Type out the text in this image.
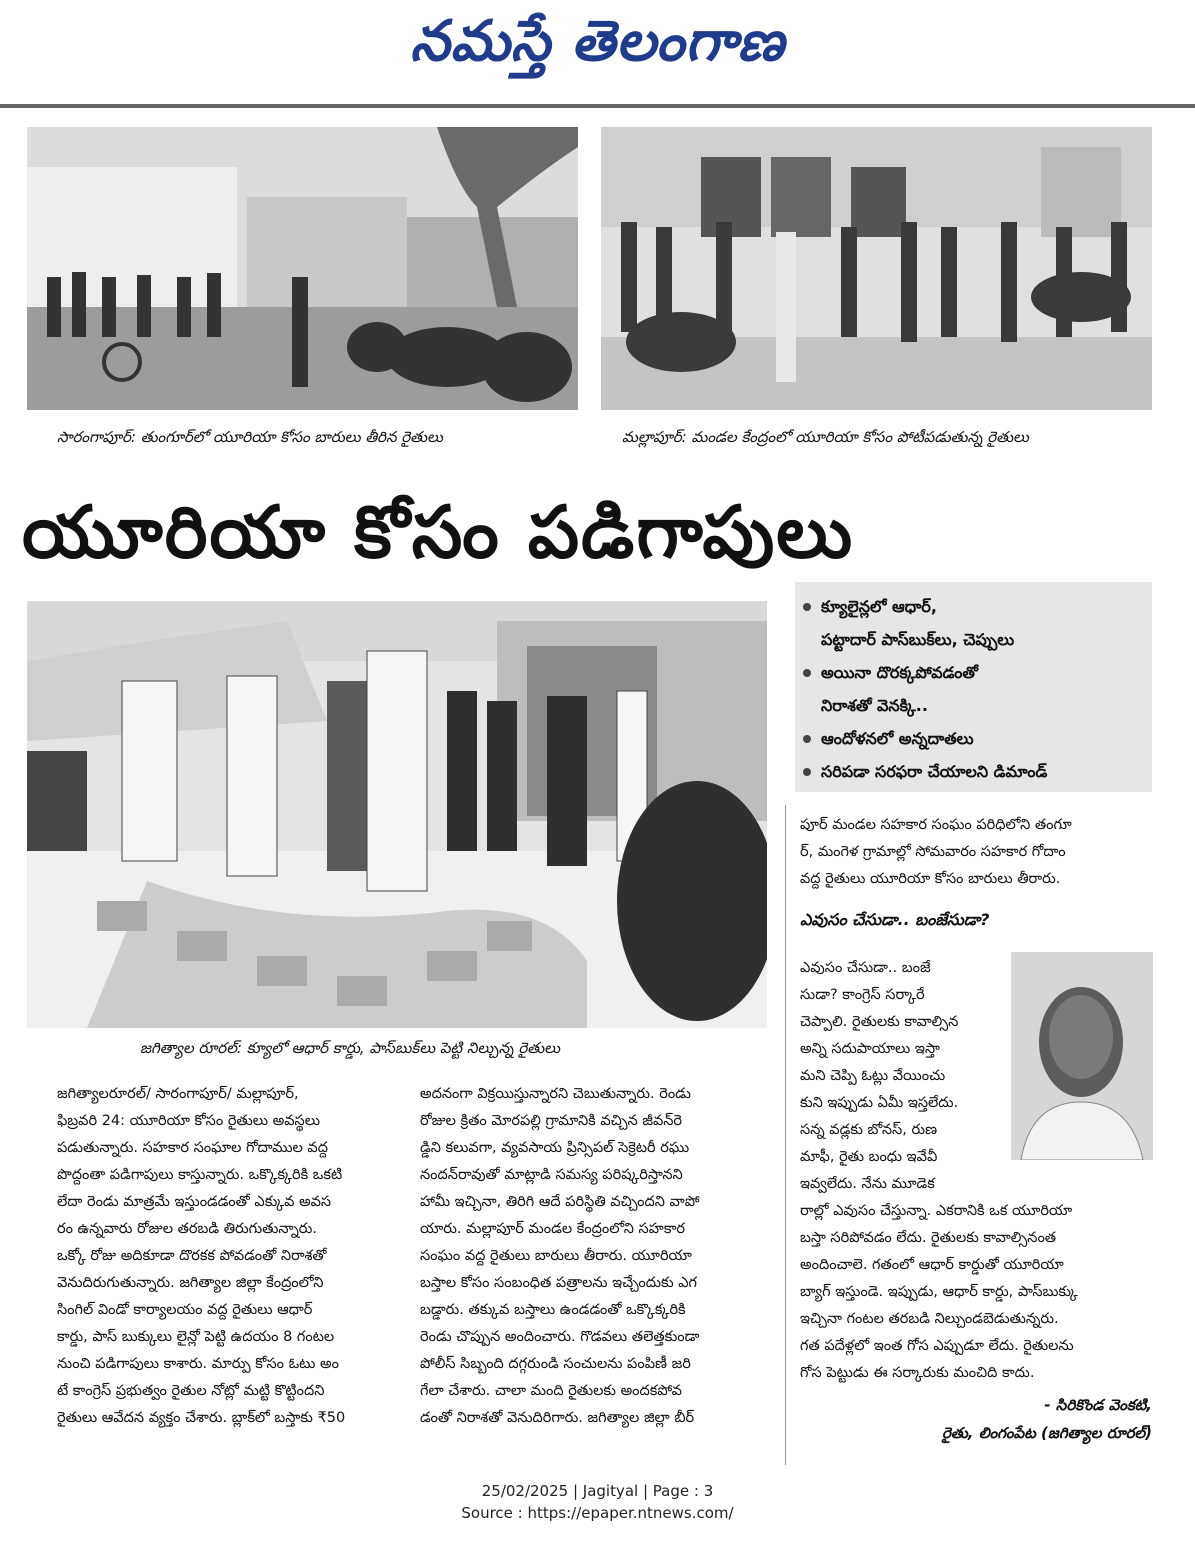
నమస్తే తెలంగాణ
సారంగాపూర్: తుంగూర్‌లో యూరియా కోసం బారులు తీరిన రైతులు	మల్లాపూర్: మండల కేంద్రంలో యూరియా కోసం పోటీపడుతున్న రైతులు
యూరియా కోసం పడిగాపులు
జగిత్యాల రూరల్: క్యూలో ఆధార్ కార్డు, పాస్‌బుక్‌లు పెట్టి నిల్చున్న రైతులు
క్యూలైన్లలో ఆధార్,
పట్టాదార్ పాస్‌బుక్‌లు, చెప్పులు
అయినా దొరక్కపోవడంతో
నిరాశతో వెనక్కి..
ఆందోళనలో అన్నదాతలు
సరిపడా సరఫరా చేయాలని డిమాండ్
పూర్ మండల సహకార సంఘం పరిధిలోని తంగూ
ర్, మంగెళ గ్రామాల్లో సోమవారం సహకార గోదాం
వద్ద రైతులు యూరియా కోసం బారులు తీరారు.
ఎవుసం చేసుడా.. బంజేసుడా?
ఎవుసం చేసుడా.. బంజే
సుడా? కాంగ్రెస్ సర్కారే
చెప్పాలి. రైతులకు కావాల్సిన
అన్ని సదుపాయాలు ఇస్తా
మని చెప్పి ఓట్లు వేయించు
కుని ఇప్పుడు ఏమీ ఇస్తలేదు.
సన్న వడ్లకు బోనస్, రుణ
మాఫీ, రైతు బంధు ఇవేవీ
ఇవ్వలేదు. నేను మూడెక
రాల్లో ఎవుసం చేస్తున్నా. ఎకరానికి ఒక యూరియా
బస్తా సరిపోవడం లేదు. రైతులకు కావాల్సినంత
అందించాలె. గతంలో ఆధార్ కార్డుతో యూరియా
బ్యాగ్ ఇస్తుండె. ఇప్పుడు, ఆధార్ కార్డు, పాస్‌బుక్కు
ఇచ్చినా గంటల తరబడి నిల్చుండబెడుతున్నరు.
గత పదేళ్లలో ఇంత గోస ఎప్పుడూ లేదు. రైతులను
గోస పెట్టుడు ఈ సర్కారుకు మంచిది కాదు.
- సిరికొండ వెంకటి,
రైతు, లింగంపేట (జగిత్యాల రూరల్)
జగిత్యాలరూరల్/ సారంగాపూర్/ మల్లాపూర్,
ఫిబ్రవరి 24: యూరియా కోసం రైతులు అవస్థలు
పడుతున్నారు. సహకార సంఘాల గోదాముల వద్ద
పొద్దంతా పడిగాపులు కాస్తున్నారు. ఒక్కొక్కరికి ఒకటి
లేదా రెండు మాత్రమే ఇస్తుండడంతో ఎక్కువ అవస
రం ఉన్నవారు రోజుల తరబడి తిరుగుతున్నారు.
ఒక్కో రోజు అదికూడా దొరకక పోవడంతో నిరాశతో
వెనుదిరుగుతున్నారు. జగిత్యాల జిల్లా కేంద్రంలోని
సింగిల్ విండో కార్యాలయం వద్ద రైతులు ఆధార్
కార్డు, పాస్ బుక్కులు లైన్లో పెట్టి ఉదయం 8 గంటల
నుంచి పడిగాపులు కాశారు. మార్పు కోసం ఓటు అం
టే కాంగ్రెస్ ప్రభుత్వం రైతుల నోట్లో మట్టి కొట్టిందని
రైతులు ఆవేదన వ్యక్తం చేశారు. బ్లాక్‌లో బస్తాకు ₹50
అదనంగా విక్రయిస్తున్నారని చెబుతున్నారు. రెండు
రోజుల క్రితం మోరపల్లి గ్రామానికి వచ్చిన జీవన్‌రె
డ్డిని కలువగా, వ్యవసాయ ప్రిన్సిపల్ సెక్రెటరీ రఘు
నందన్‌రావుతో మాట్లాడి సమస్య పరిష్కరిస్తానని
హామీ ఇచ్చినా, తిరిగి ఆదే పరిస్థితి వచ్చిందని వాపో
యారు. మల్లాపూర్ మండల కేంద్రంలోని సహకార
సంఘం వద్ద రైతులు బారులు తీరారు. యూరియా
బస్తాల కోసం సంబంధిత పత్రాలను ఇచ్చేందుకు ఎగ
బడ్డారు. తక్కువ బస్తాలు ఉండడంతో ఒక్కొక్కరికి
రెండు చొప్పున అందించారు. గొడవలు తలెత్తకుండా
పోలీస్ సిబ్బంది దగ్గరుండి సంచులను పంపిణీ జరి
గేలా చేశారు. చాలా మంది రైతులకు అందకపోవ
డంతో నిరాశతో వెనుదిరిగారు. జగిత్యాల జిల్లా బీర్
25/02/2025 | Jagityal | Page : 3
Source : https://epaper.ntnews.com/
